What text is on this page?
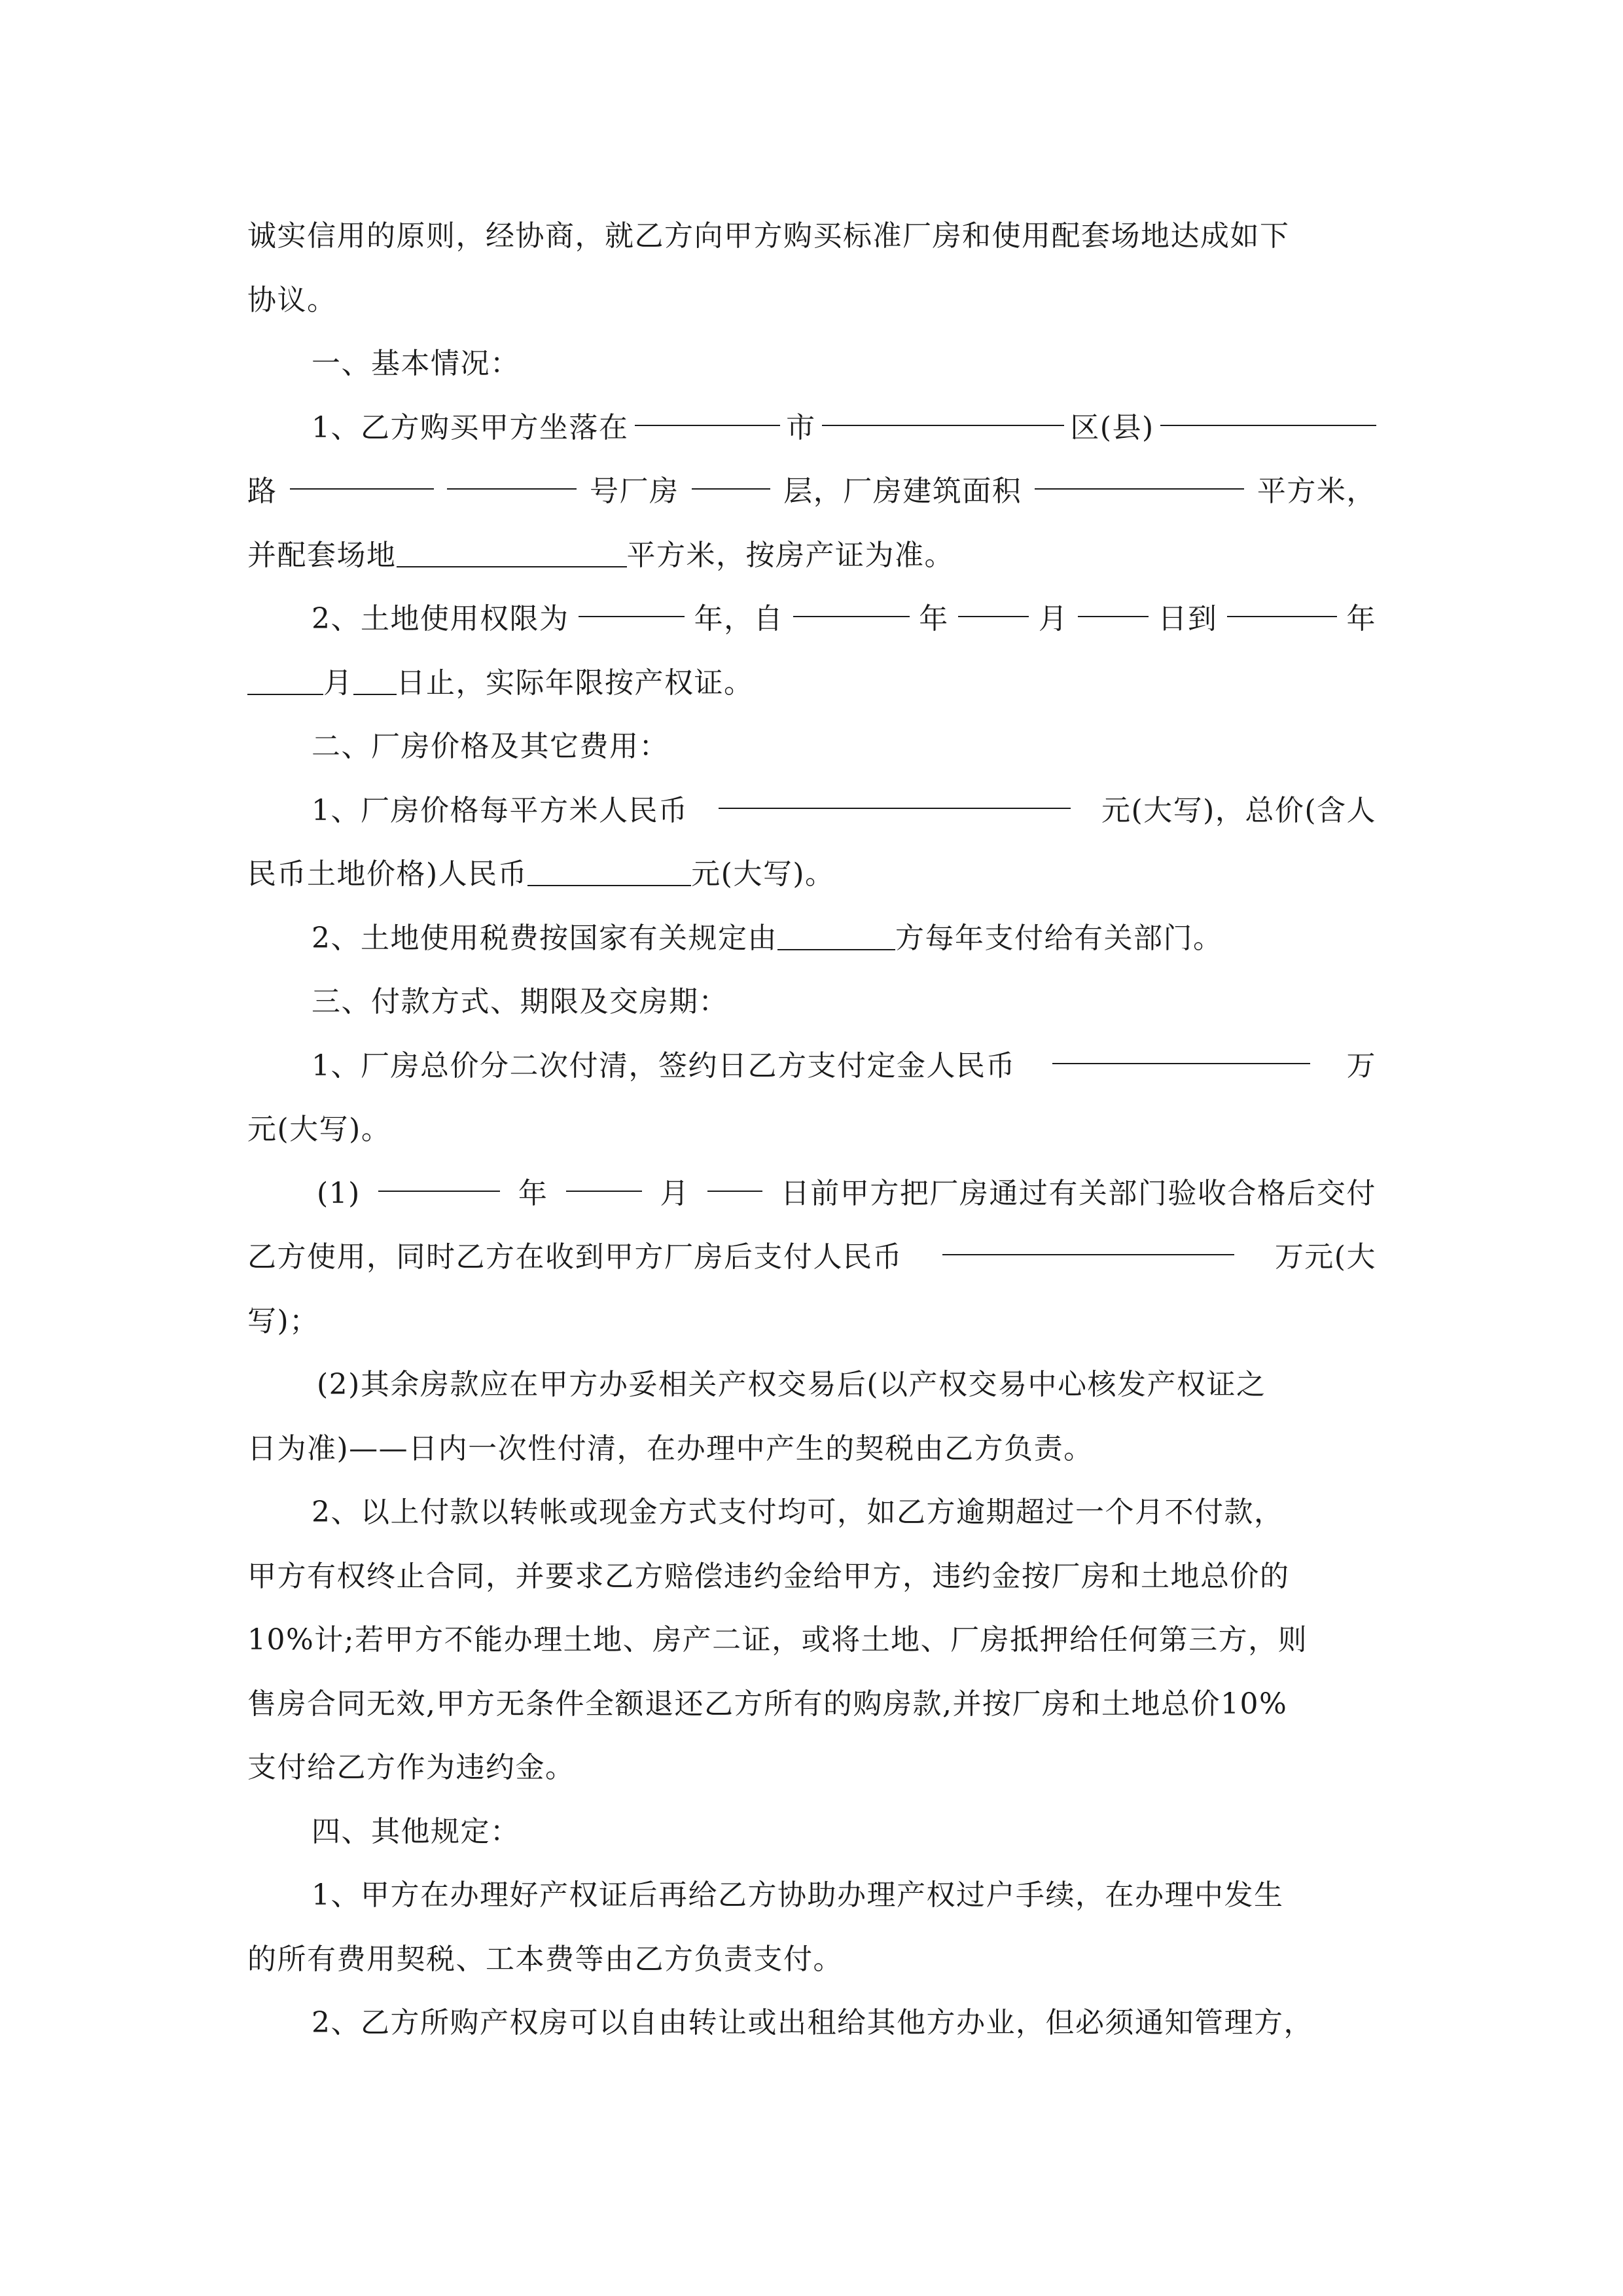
诚实信用的原则，经协商，就乙方向甲方购买标准厂房和使用配套场地达成如下
协议。
一、基本情况：
1、乙方购买甲方坐落在	市	区(县)
路	号厂房	层，厂房建筑面积	平方米，
并配套场地	平方米，按房产证为准。
2、土地使用权限为	年，自	年	月	日到	年
月 日止，实际年限按产权证。
二、厂房价格及其它费用：
1、厂房价格每平方米人民币	元(大写)，总价(含人
民币土地价格)人民币	元(大写)。
2、土地使用税费按国家有关规定由	方每年支付给有关部门。
三、付款方式、期限及交房期：
1、厂房总价分二次付清，签约日乙方支付定金人民币	万
元(大写)。
(1)	年	月	日前甲方把厂房通过有关部门验收合格后交付
乙方使用，同时乙方在收到甲方厂房后支付人民币	万元(大
写)；
(2)其余房款应在甲方办妥相关产权交易后(以产权交易中心核发产权证之
日为准)——日内一次性付清，在办理中产生的契税由乙方负责。
2、以上付款以转帐或现金方式支付均可，如乙方逾期超过一个月不付款，
甲方有权终止合同，并要求乙方赔偿违约金给甲方，违约金按厂房和土地总价的
10%计;若甲方不能办理土地、房产二证，或将土地、厂房抵押给任何第三方，则
售房合同无效,甲方无条件全额退还乙方所有的购房款,并按厂房和土地总价10%
支付给乙方作为违约金。
四、其他规定：
1、甲方在办理好产权证后再给乙方协助办理产权过户手续，在办理中发生
的所有费用契税、工本费等由乙方负责支付。
2、乙方所购产权房可以自由转让或出租给其他方办业，但必须通知管理方，
